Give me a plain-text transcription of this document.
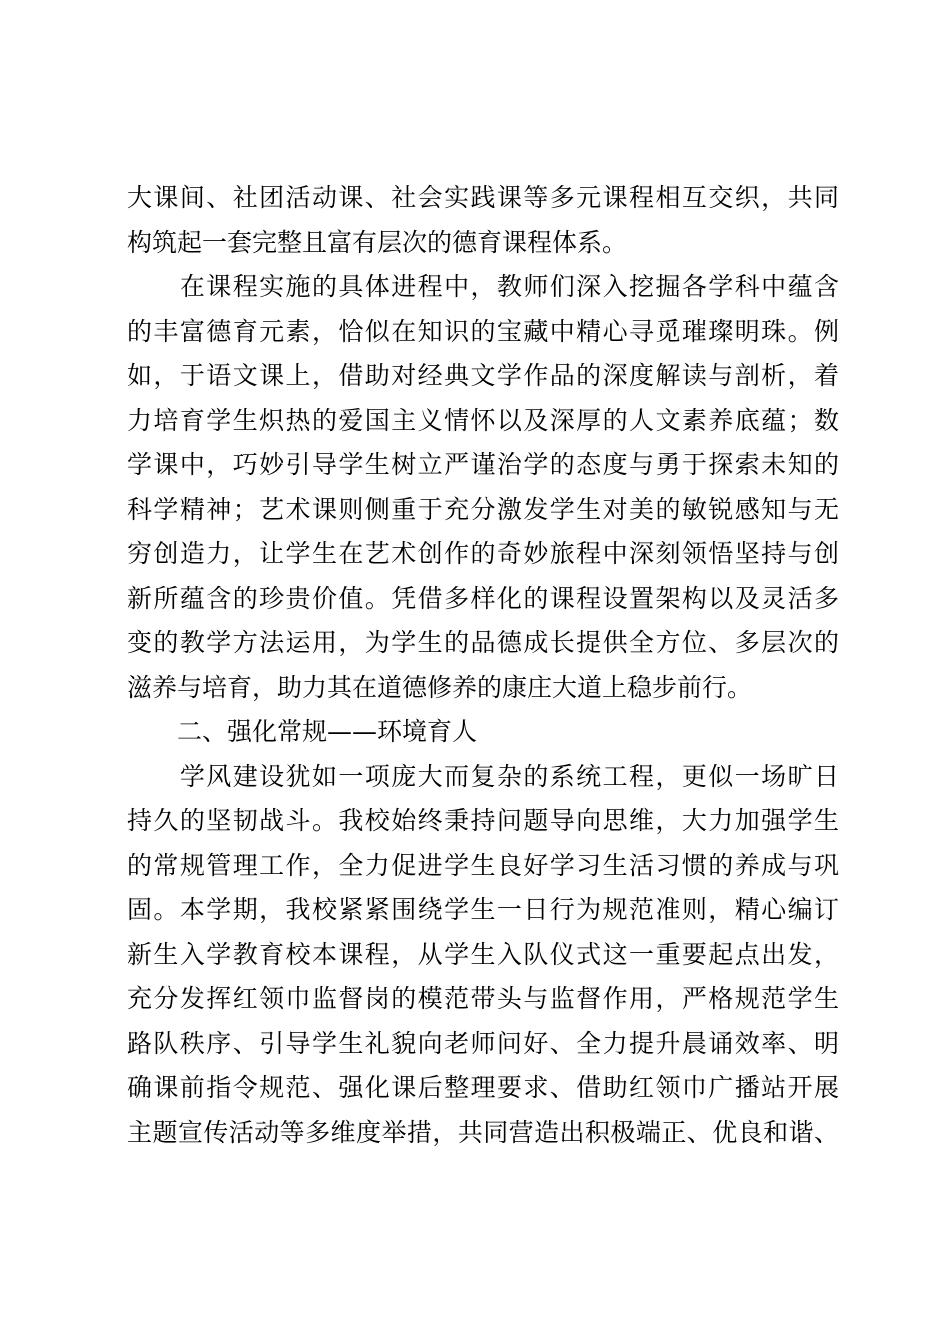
大课间、社团活动课、社会实践课等多元课程相互交织，共同
构筑起一套完整且富有层次的德育课程体系。
　　在课程实施的具体进程中，教师们深入挖掘各学科中蕴含
的丰富德育元素，恰似在知识的宝藏中精心寻觅璀璨明珠。例
如，于语文课上，借助对经典文学作品的深度解读与剖析，着
力培育学生炽热的爱国主义情怀以及深厚的人文素养底蕴；数
学课中，巧妙引导学生树立严谨治学的态度与勇于探索未知的
科学精神；艺术课则侧重于充分激发学生对美的敏锐感知与无
穷创造力，让学生在艺术创作的奇妙旅程中深刻领悟坚持与创
新所蕴含的珍贵价值。凭借多样化的课程设置架构以及灵活多
变的教学方法运用，为学生的品德成长提供全方位、多层次的
滋养与培育，助力其在道德修养的康庄大道上稳步前行。
　　二、强化常规——环境育人
　　学风建设犹如一项庞大而复杂的系统工程，更似一场旷日
持久的坚韧战斗。我校始终秉持问题导向思维，大力加强学生
的常规管理工作，全力促进学生良好学习生活习惯的养成与巩
固。本学期，我校紧紧围绕学生一日行为规范准则，精心编订
新生入学教育校本课程，从学生入队仪式这一重要起点出发，
充分发挥红领巾监督岗的模范带头与监督作用，严格规范学生
路队秩序、引导学生礼貌向老师问好、全力提升晨诵效率、明
确课前指令规范、强化课后整理要求、借助红领巾广播站开展
主题宣传活动等多维度举措，共同营造出积极端正、优良和谐、
